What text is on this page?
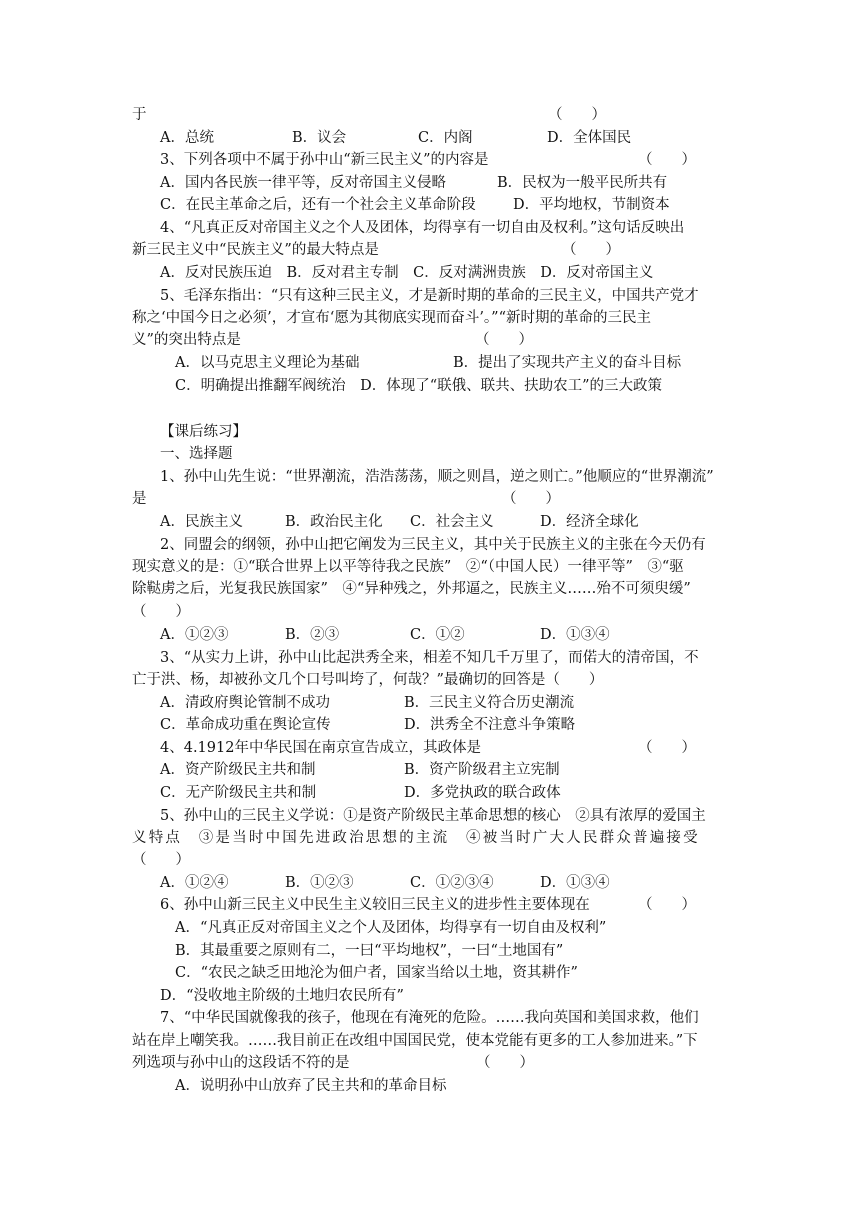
于	（　　）
A．总统	B．议会	C．内阁	D．全体国民
3、下列各项中不属于孙中山“新三民主义”的内容是	（　　）
A．国内各民族一律平等，反对帝国主义侵略	B．民权为一般平民所共有
C．在民主革命之后，还有一个社会主义革命阶段	D．平均地权，节制资本
4、“凡真正反对帝国主义之个人及团体，均得享有一切自由及权利。”这句话反映出
新三民主义中“民族主义”的最大特点是	（　　）
A．反对民族压迫　B．反对君主专制　C．反对满洲贵族　D．反对帝国主义
5、毛泽东指出：“只有这种三民主义，才是新时期的革命的三民主义，中国共产党才
称之‘中国今日之必须’，才宣布‘愿为其彻底实现而奋斗’。”“新时期的革命的三民主
义”的突出特点是	（　　）
A．以马克思主义理论为基础	B．提出了实现共产主义的奋斗目标
C．明确提出推翻军阀统治　D．体现了“联俄、联共、扶助农工”的三大政策
【课后练习】
一、选择题
1、孙中山先生说：“世界潮流，浩浩荡荡，顺之则昌，逆之则亡。”他顺应的“世界潮流”
是	（　　）
A．民族主义	B．政治民主化 C．社会主义	D．经济全球化
2、同盟会的纲领，孙中山把它阐发为三民主义，其中关于民族主义的主张在今天仍有
现实意义的是：①“联合世界上以平等待我之民族”　②“（中国人民）一律平等”　③“驱
除鞑虏之后，光复我民族国家”　④“异种残之，外邦逼之，民族主义……殆不可须臾缓”
（　　）
A．①②③	B．②③	C．①②	D．①③④
3、“从实力上讲，孙中山比起洪秀全来，相差不知几千万里了，而偌大的清帝国，不
亡于洪、杨，却被孙文几个口号叫垮了，何哉？”最确切的回答是（　　）
A．清政府舆论管制不成功	B．三民主义符合历史潮流
C．革命成功重在舆论宣传	D．洪秀全不注意斗争策略
4、4.1912年中华民国在南京宣告成立，其政体是	（　　）
A．资产阶级民主共和制	B．资产阶级君主立宪制
C．无产阶级民主共和制	D．多党执政的联合政体
5、孙中山的三民主义学说：①是资产阶级民主革命思想的核心　②具有浓厚的爱国主
义特点　③是当时中国先进政治思想的主流　④被当时广大人民群众普遍接受
（　　）
A．①②④	B．①②③	C．①②③④	D．①③④
6、孙中山新三民主义中民生主义较旧三民主义的进步性主要体现在	（　　）
A．“凡真正反对帝国主义之个人及团体，均得享有一切自由及权利”
B．其最重要之原则有二，一曰“平均地权”，一曰“土地国有”
C．“农民之缺乏田地沦为佃户者，国家当给以土地，资其耕作”
D．“没收地主阶级的土地归农民所有”
7、“中华民国就像我的孩子，他现在有淹死的危险。……我向英国和美国求救，他们
站在岸上嘲笑我。……我目前正在改组中国国民党，使本党能有更多的工人参加进来。”下
列选项与孙中山的这段话不符的是	（　　）
A．说明孙中山放弃了民主共和的革命目标
